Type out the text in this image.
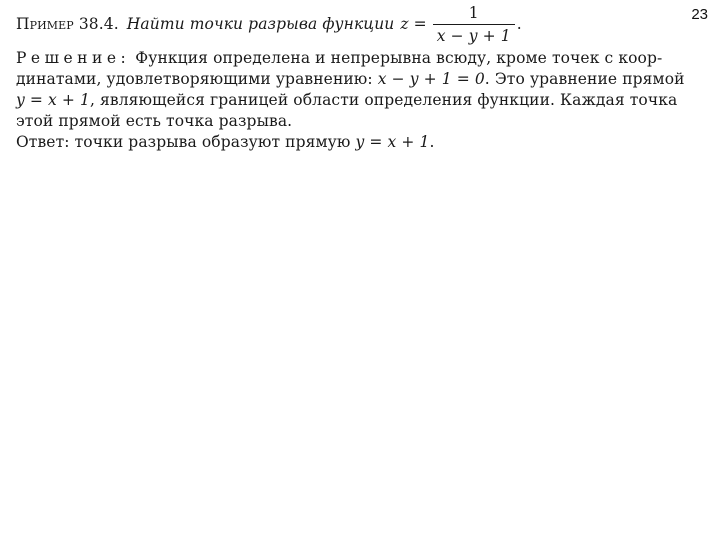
23
Пример 38.4. Найти точки разрыва функции $z = \frac{1}{x - y + 1}$ .
Решение: Функция определена и непрерывна всюду, кроме точек с коор-
динатами, удовлетворяющими уравнению: x − y + 1 = 0. Это уравнение прямой
y = x + 1, являющейся границей области определения функции. Каждая точка
этой прямой есть точка разрыва.
Ответ: точки разрыва образуют прямую y = x + 1.
